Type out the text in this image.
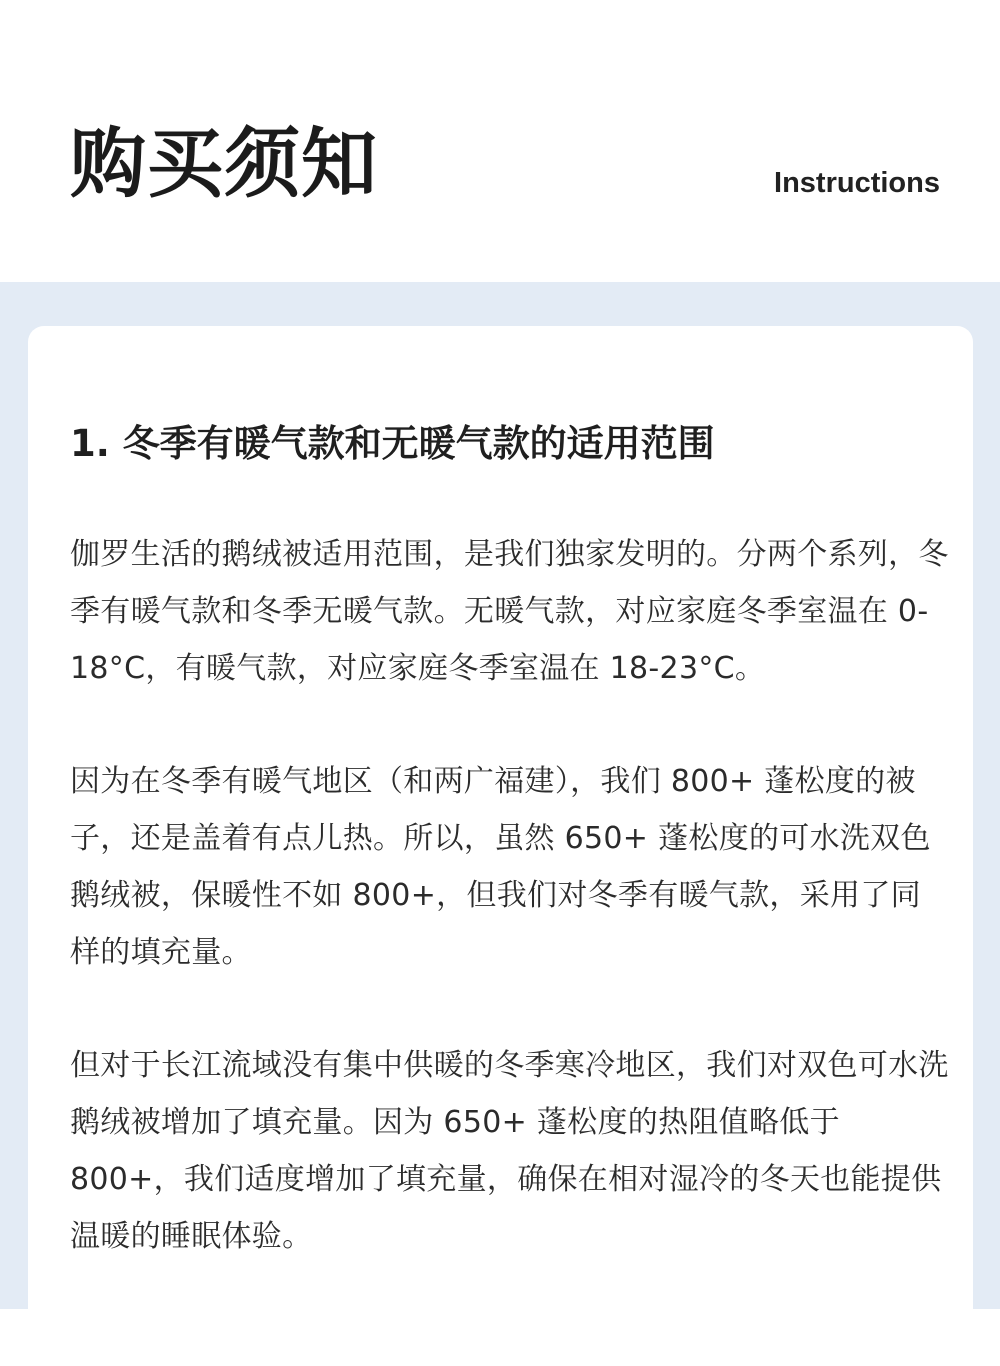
购买须知	Instructions
1. 冬季有暖气款和无暖气款的适用范围

伽罗生活的鹅绒被适用范围，是我们独家发明的。分两个系列，冬季有暖气款和冬季无暖气款。无暖气款，对应家庭冬季室温在 0-18°C，有暖气款，对应家庭冬季室温在 18-23°C。

因为在冬季有暖气地区（和两广福建），我们 800+ 蓬松度的被子，还是盖着有点儿热。所以，虽然 650+ 蓬松度的可水洗双色鹅绒被，保暖性不如 800+，但我们对冬季有暖气款，采用了同样的填充量。

但对于长江流域没有集中供暖的冬季寒冷地区，我们对双色可水洗鹅绒被增加了填充量。因为 650+ 蓬松度的热阻值略低于 800+，我们适度增加了填充量，确保在相对湿冷的冬天也能提供温暖的睡眠体验。
